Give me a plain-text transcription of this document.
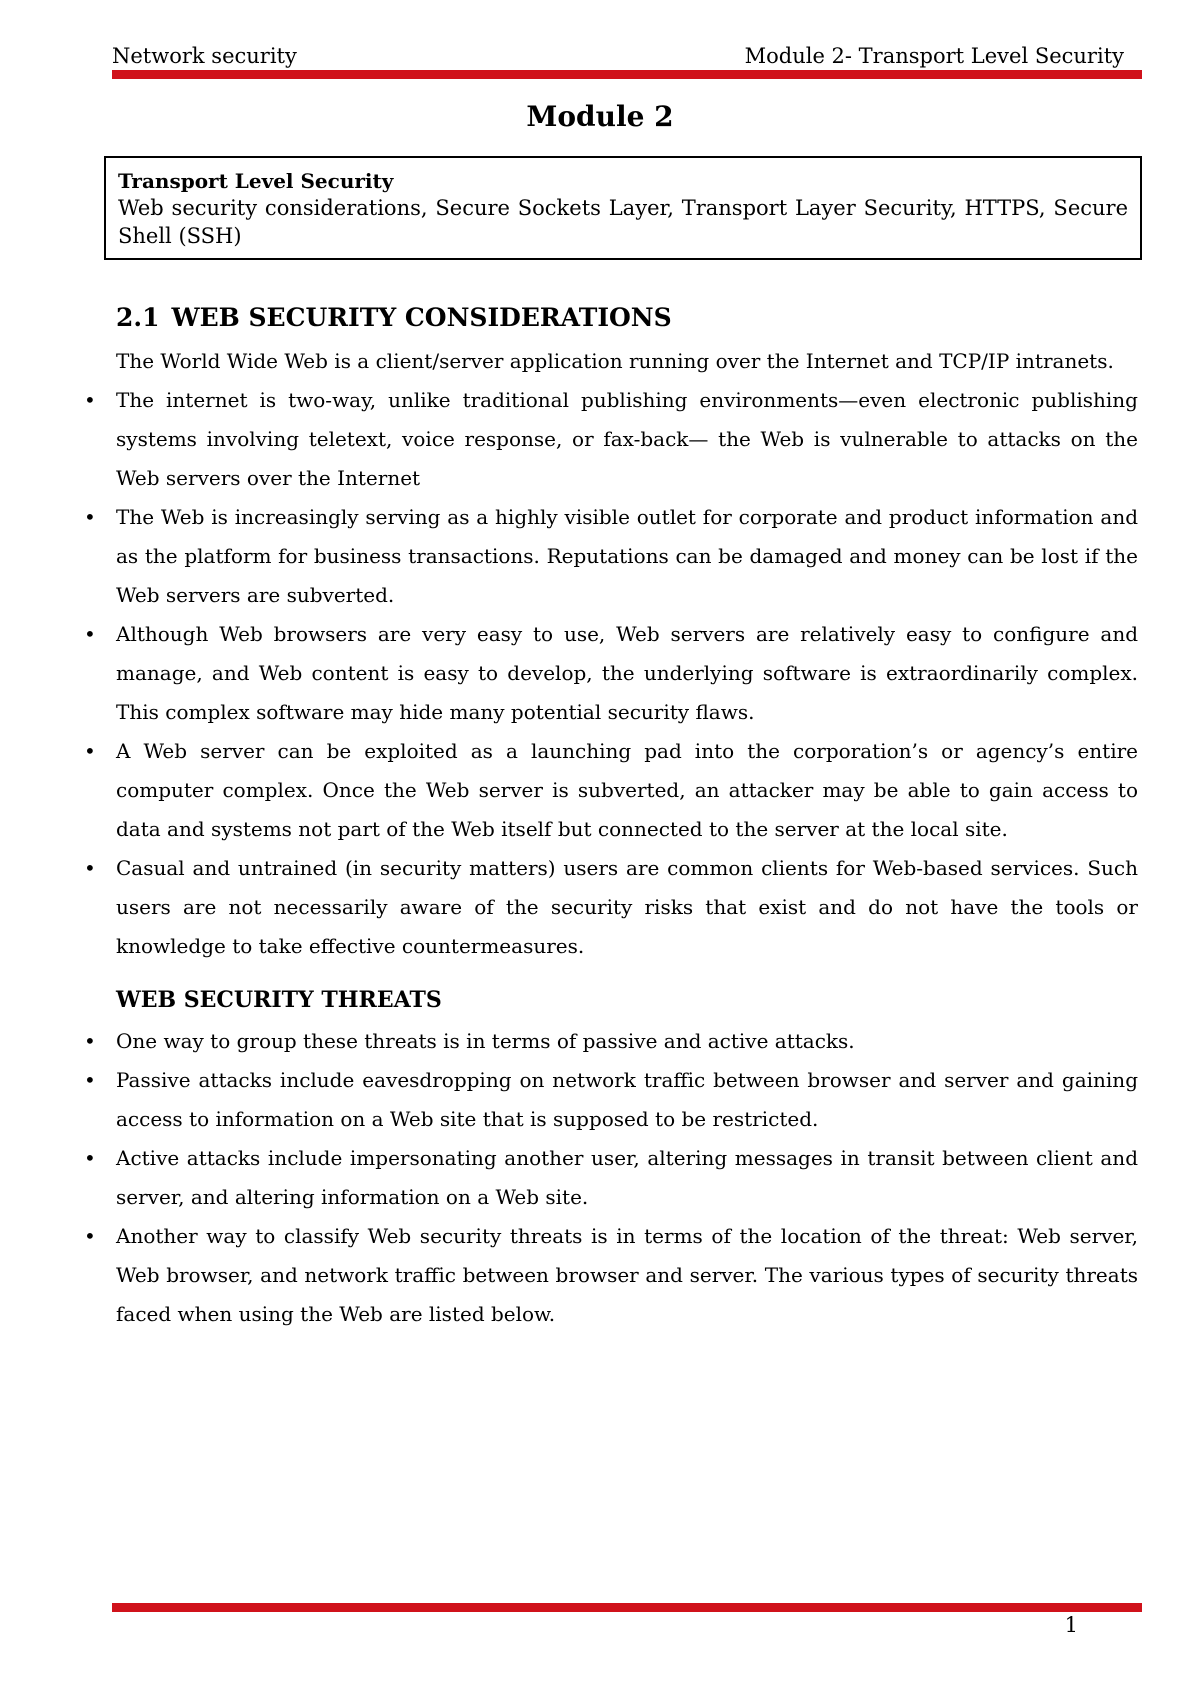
Network security	Module 2- Transport Level Security
Module 2
Transport Level Security
Web security considerations, Secure Sockets Layer, Transport Layer Security, HTTPS, Secure Shell (SSH)
2.1 WEB SECURITY CONSIDERATIONS

The World Wide Web is a client/server application running over the Internet and TCP/IP intranets.

• The internet is two-way, unlike traditional publishing environments—even electronic publishing systems involving teletext, voice response, or fax-back— the Web is vulnerable to attacks on the Web servers over the Internet
• The Web is increasingly serving as a highly visible outlet for corporate and product information and as the platform for business transactions. Reputations can be damaged and money can be lost if the Web servers are subverted.
• Although Web browsers are very easy to use, Web servers are relatively easy to configure and manage, and Web content is easy to develop, the underlying software is extraordinarily complex. This complex software may hide many potential security flaws.
• A Web server can be exploited as a launching pad into the corporation’s or agency’s entire computer complex. Once the Web server is subverted, an attacker may be able to gain access to data and systems not part of the Web itself but connected to the server at the local site.
• Casual and untrained (in security matters) users are common clients for Web-based services. Such users are not necessarily aware of the security risks that exist and do not have the tools or knowledge to take effective countermeasures.
WEB SECURITY THREATS
• One way to group these threats is in terms of passive and active attacks.
• Passive attacks include eavesdropping on network traffic between browser and server and gaining access to information on a Web site that is supposed to be restricted.
• Active attacks include impersonating another user, altering messages in transit between client and server, and altering information on a Web site.
• Another way to classify Web security threats is in terms of the location of the threat: Web server, Web browser, and network traffic between browser and server. The various types of security threats faced when using the Web are listed below.
1
